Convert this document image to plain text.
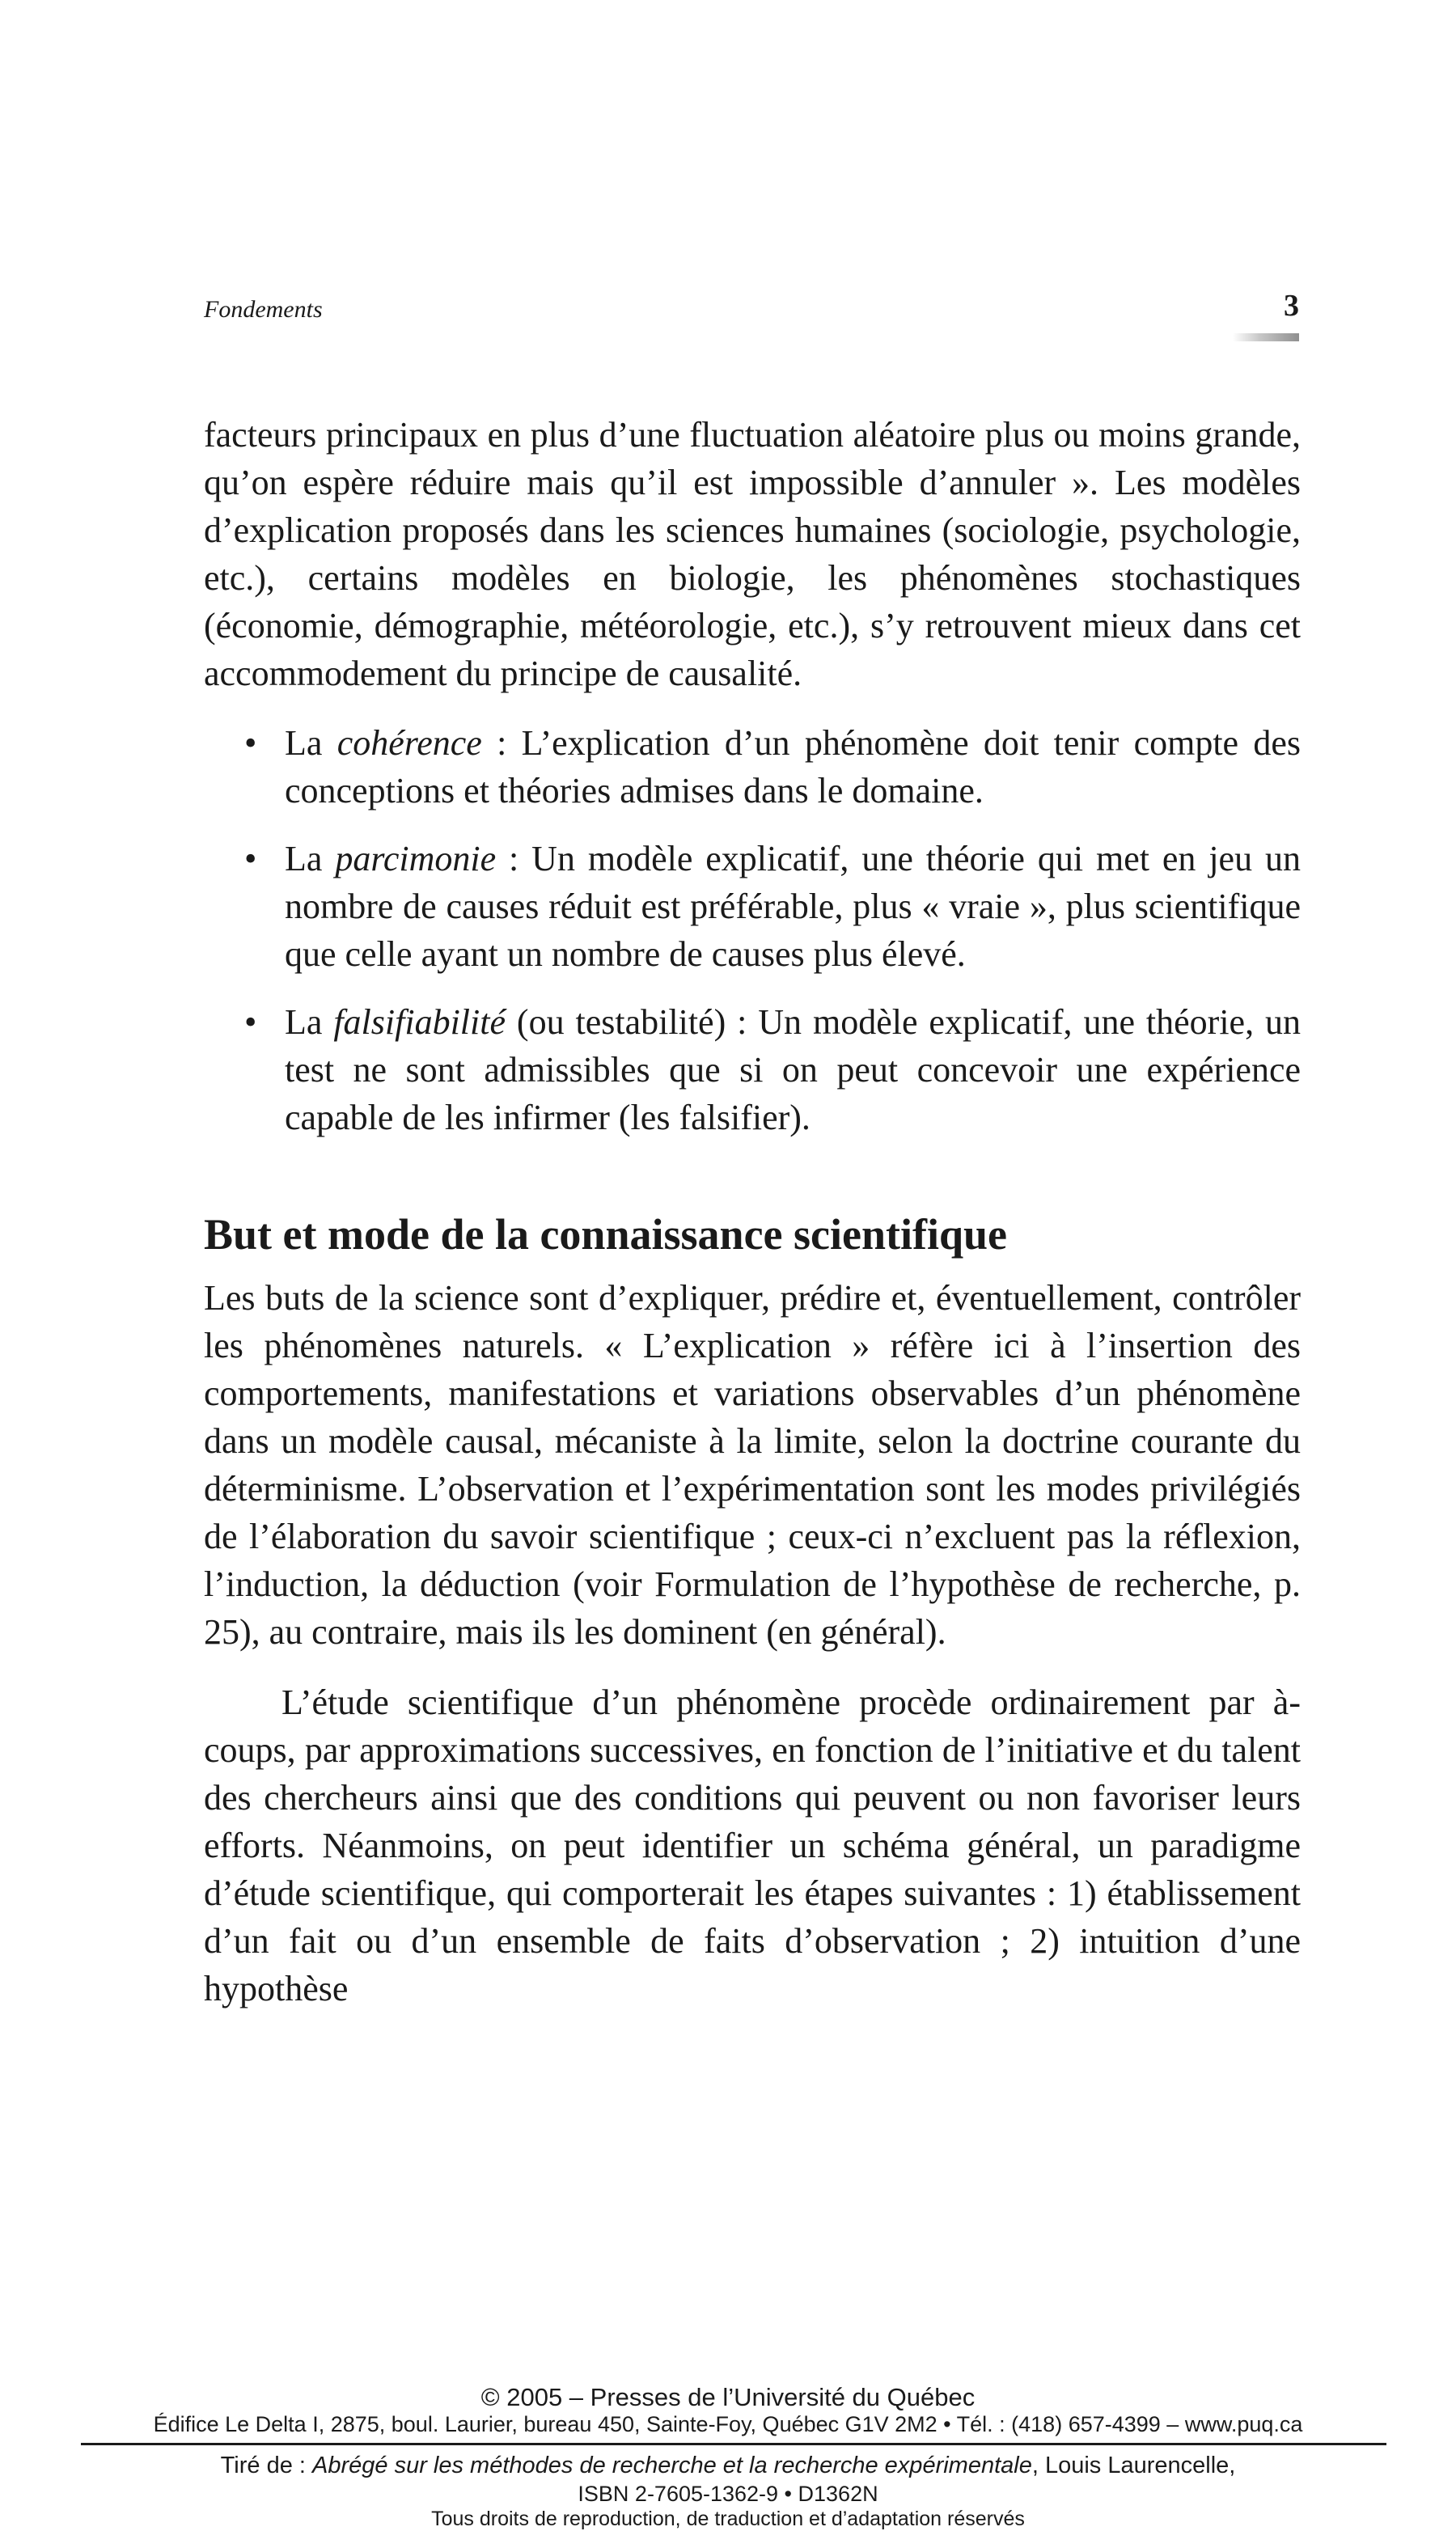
Fondements	3

facteurs principaux en plus d’une fluctuation aléatoire plus ou moins grande, qu’on espère réduire mais qu’il est impossible d’annuler ». Les modèles d’explication proposés dans les sciences humaines (sociologie, psychologie, etc.), certains modèles en biologie, les phénomènes stochastiques (économie, démographie, météorologie, etc.), s’y retrouvent mieux dans cet accommodement du principe de causalité.

• La cohérence : L’explication d’un phénomène doit tenir compte des conceptions et théories admises dans le domaine.
• La parcimonie : Un modèle explicatif, une théorie qui met en jeu un nombre de causes réduit est préférable, plus « vraie », plus scientifique que celle ayant un nombre de causes plus élevé.
• La falsifiabilité (ou testabilité) : Un modèle explicatif, une théorie, un test ne sont admissibles que si on peut concevoir une expérience capable de les infirmer (les falsifier).
But et mode de la connaissance scientifique

Les buts de la science sont d’expliquer, prédire et, éventuellement, contrôler les phénomènes naturels. « L’explication » réfère ici à l’insertion des comportements, manifestations et variations observables d’un phénomène dans un modèle causal, mécaniste à la limite, selon la doctrine courante du déterminisme. L’observation et l’expérimentation sont les modes privilégiés de l’élaboration du savoir scientifique ; ceux-ci n’excluent pas la réflexion, l’induction, la déduction (voir Formulation de l’hypothèse de recherche, p. 25), au contraire, mais ils les dominent (en général).

L’étude scientifique d’un phénomène procède ordinairement par à-coups, par approximations successives, en fonction de l’initiative et du talent des chercheurs ainsi que des conditions qui peuvent ou non favoriser leurs efforts. Néanmoins, on peut identifier un schéma général, un paradigme d’étude scientifique, qui comporterait les étapes suivantes : 1) établissement d’un fait ou d’un ensemble de faits d’observation ; 2) intuition d’une hypothèse

© 2005 – Presses de l’Université du Québec
Édifice Le Delta I, 2875, boul. Laurier, bureau 450, Sainte-Foy, Québec G1V 2M2 • Tél. : (418) 657-4399 – www.puq.ca
Tiré de : Abrégé sur les méthodes de recherche et la recherche expérimentale, Louis Laurencelle,
ISBN 2-7605-1362-9 • D1362N
Tous droits de reproduction, de traduction et d’adaptation réservés
